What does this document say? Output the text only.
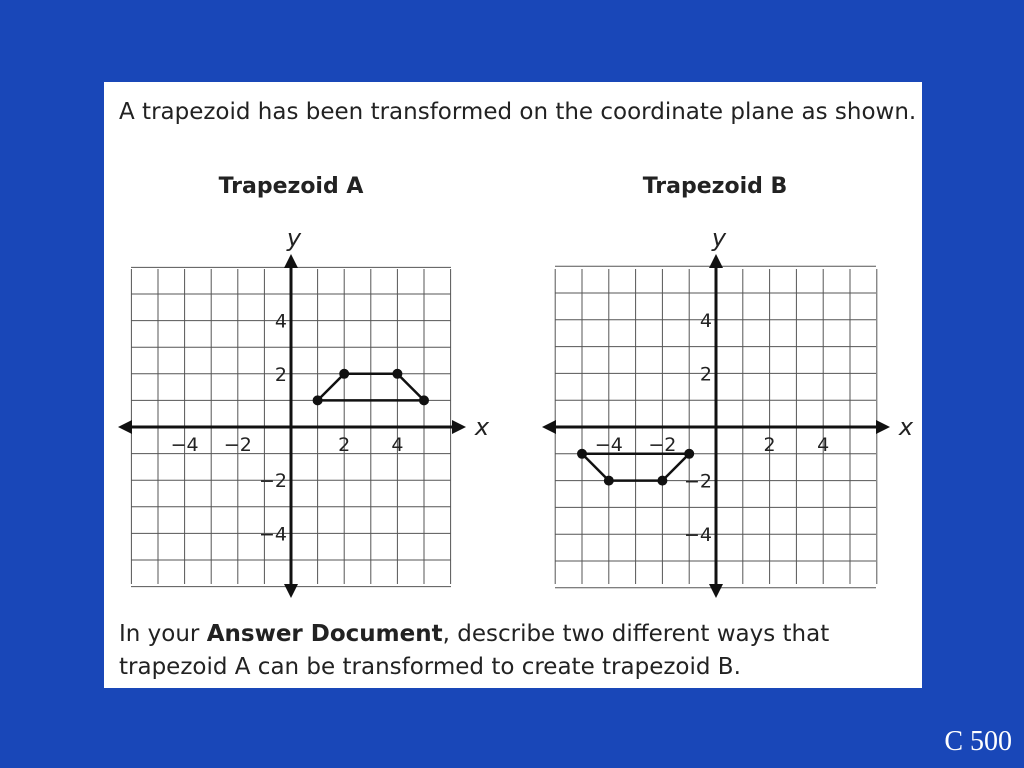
A trapezoid has been transformed on the coordinate plane as shown.

Trapezoid A	Trapezoid B

In your Answer Document, describe two different ways that trapezoid A can be transformed to create trapezoid B.

x
y
−4 −2	2 4
4
2
−2
−4
x
y
−4 −2	2 4
4
2
−2
−4
C 500
